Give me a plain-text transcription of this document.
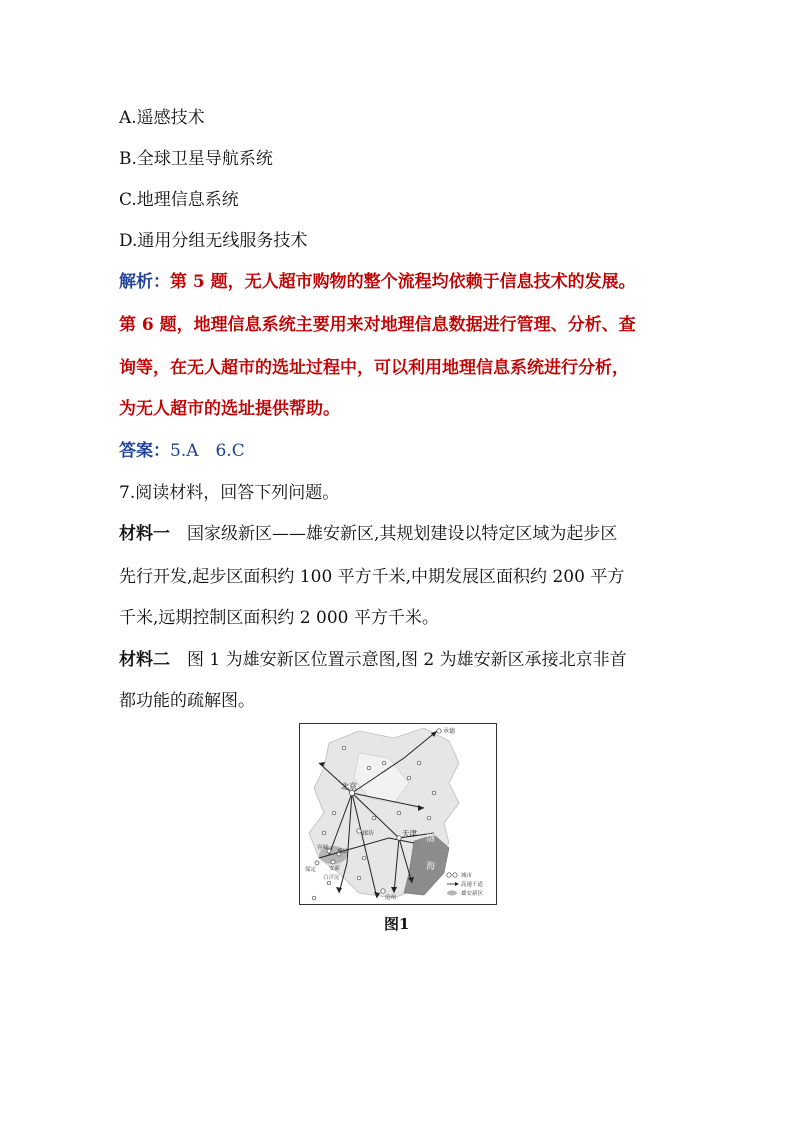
A.遥感技术
B.全球卫星导航系统
C.地理信息系统
D.通用分组无线服务技术
解析：第 5 题，无人超市购物的整个流程均依赖于信息技术的发展。
第 6 题，地理信息系统主要用来对地理信息数据进行管理、分析、查
询等，在无人超市的选址过程中，可以利用地理信息系统进行分析，
为无人超市的选址提供帮助。
答案：5.A　6.C
7.阅读材料，回答下列问题。
材料一　国家级新区——雄安新区,其规划建设以特定区域为起步区
先行开发,起步区面积约 100 平方千米,中期发展区面积约 200 平方
千米,远期控制区面积约 2 000 平方千米。
材料二　图 1 为雄安新区位置示意图,图 2 为雄安新区承接北京非首
都功能的疏解图。
承德
北京
廊坊	天津
容城
雄县
安新
保定
白洋淀
沧州
渤
海
城市
高速干道
雄安新区
图1
